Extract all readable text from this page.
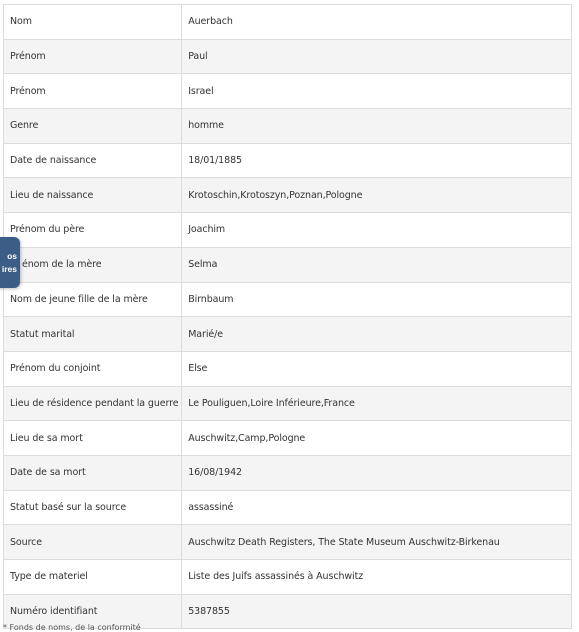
Nom	Auerbach
Prénom	Paul
Prénom	Israel
Genre	homme
Date de naissance	18/01/1885
Lieu de naissance	Krotoschin,Krotoszyn,Poznan,Pologne
Prénom du père	Joachim
énom de la mère	Selma
Nom de jeune fille de la mère	Birnbaum
Statut marital	Marié/e
Prénom du conjoint	Else
Lieu de résidence pendant la guerre	Le Pouliguen,Loire Inférieure,France
Lieu de sa mort	Auschwitz,Camp,Pologne
Date de sa mort	16/08/1942
Statut basé sur la source	assassiné
Source	Auschwitz Death Registers, The State Museum Auschwitz-Birkenau
Type de materiel	Liste des Juifs assassinés à Auschwitz
Numéro identifiant	5387855
os
ires
* Fonds de noms, de la conformité
